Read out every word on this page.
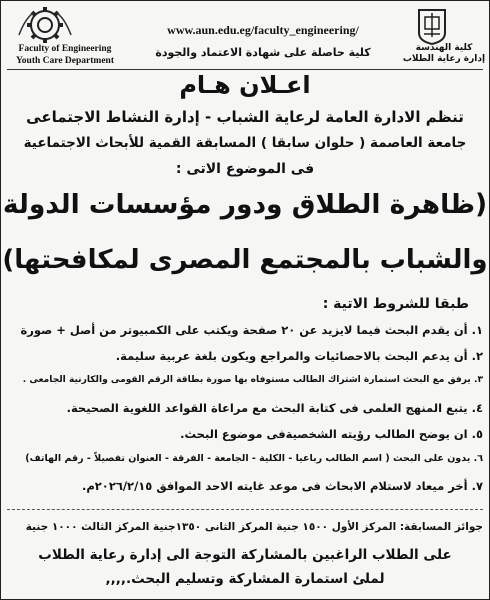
Faculty of Engineering
Youth Care Department
www.aun.edu.eg/faculty_engineering/
كلية حاصلة على شهادة الاعتماد والجودة	كلية الهندسة
إدارة رعاية الطلاب
اعـلان هـام
تنظم الادارة العامة لرعاية الشباب - إدارة النشاط الاجتماعى
جامعة العاصمة ( حلوان سابقا ) المسابقة القمية للأبحاث الاجتماعية
فى الموضوع الاتى :
(ظاهرة الطلاق ودور مؤسسات الدولة
والشباب بالمجتمع المصرى لمكافحتها)
طبقا للشروط الاتية :
١. أن يقدم البحث فيما لايزيد عن ٢٠ صفحة ويكتب على الكمبيوتر من أصل + صورة
٢. أن يدعم البحث بالاحصائيات والمراجع ويكون بلغة عربية سليمة.
٣. يرفق مع البحث استمارة اشتراك الطالب مستوفاه بها صورة بطاقة الرقم القومى والكارنية الجامعى .
٤. يتبع المنهج العلمى فى كتابة البحث مع مراعاة القواعد اللغوية الصحيحة.
٥. ان يوضح الطالب رؤيته الشخصيةفى موضوع البحث.
٦. يدون على البحث ( اسم الطالب رباعيا - الكلية - الجامعة - الفرقة - العنوان تفصيلاً - رقم الهاتف)
٧. أخر ميعاد لاستلام الابحاث فى موعد غايته الاحد الموافق ٢٠٢٦/٢/١٥م.
جوائز المسابقة: المركز الأول ١٥٠٠ جنية المركز الثانى ١٣٥٠جنية المركز الثالث ١٠٠٠ جنية
على الطلاب الراغبين بالمشاركة التوجة الى إدارة رعاية الطلاب
لملئ استمارة المشاركة وتسليم البحث.,,,,
